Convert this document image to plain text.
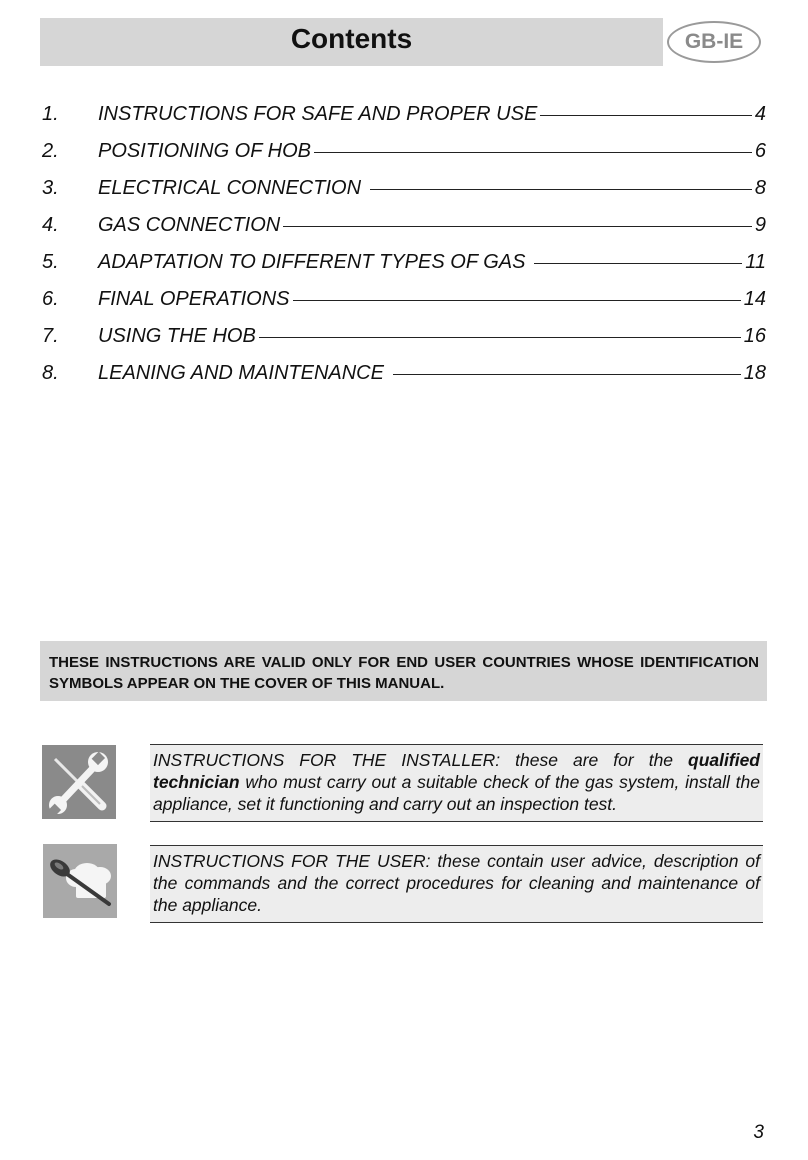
Contents	GB-IE
1.	INSTRUCTIONS FOR SAFE AND PROPER USE	4
2.	POSITIONING OF HOB	6
3.	ELECTRICAL CONNECTION	8
4.	GAS CONNECTION	9
5.	ADAPTATION TO DIFFERENT TYPES OF GAS	11
6.	FINAL OPERATIONS	14
7.	USING THE HOB	16
8.	LEANING AND MAINTENANCE	18
THESE INSTRUCTIONS ARE VALID ONLY FOR END USER COUNTRIES WHOSE IDENTIFICATION SYMBOLS APPEAR ON THE COVER OF THIS MANUAL.
INSTRUCTIONS FOR THE INSTALLER: these are for the qualified technician who must carry out a suitable check of the gas system, install the appliance, set it functioning and carry out an inspection test.
INSTRUCTIONS FOR THE USER: these contain user advice, description of the commands and the correct procedures for cleaning and maintenance of the appliance.
3
